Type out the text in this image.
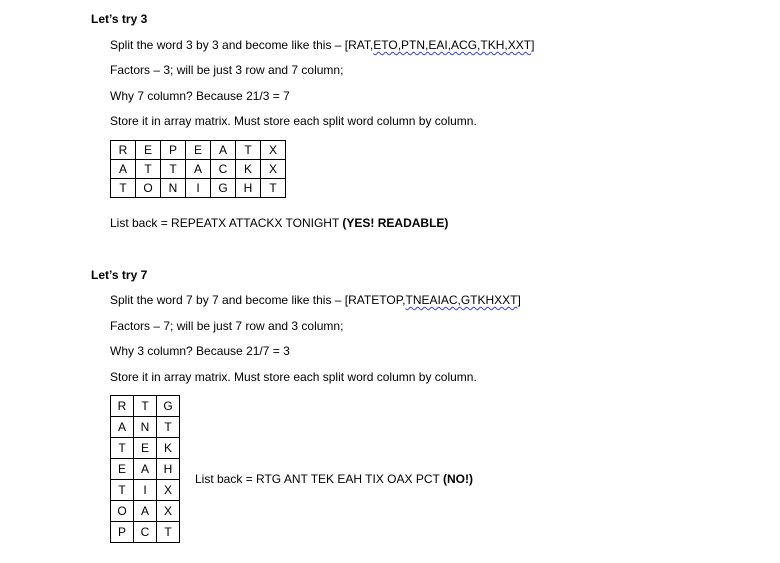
Let’s try 3
Split the word 3 by 3 and become like this – [RAT,ETO,PTN,EAI,ACG,TKH,XXT]
Factors – 3; will be just 3 row and 7 column;
Why 7 column? Because 21/3 = 7
Store it in array matrix. Must store each split word column by column.
R	E	P	E	A	T	X
A	T	T	A	C	K	X
T	O	N	I	G	H	T
List back = REPEATX ATTACKX TONIGHT (YES! READABLE)
Let’s try 7
Split the word 7 by 7 and become like this – [RATETOP,TNEAIAC,GTKHXXT]
Factors – 7; will be just 7 row and 3 column;
Why 3 column? Because 21/7 = 3
Store it in array matrix. Must store each split word column by column.
R	T	G
A	N	T
T	E	K
E	A	H
T	I	X
O	A	X
P	C	T
List back = RTG ANT TEK EAH TIX OAX PCT (NO!)
